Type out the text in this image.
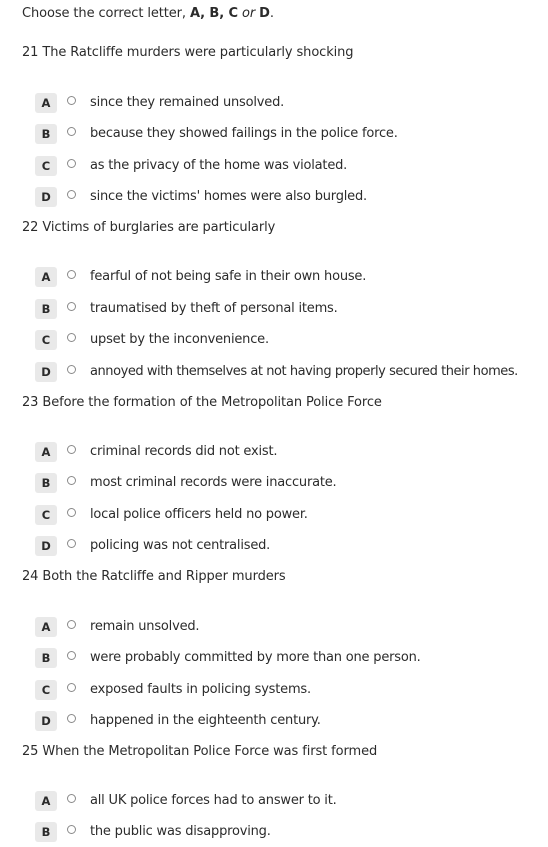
Choose the correct letter, A, B, C or D.
21 The Ratcliffe murders were particularly shocking
A	since they remained unsolved.
B	because they showed failings in the police force.
C	as the privacy of the home was violated.
D	since the victims' homes were also burgled.
22 Victims of burglaries are particularly
A	fearful of not being safe in their own house.
B	traumatised by theft of personal items.
C	upset by the inconvenience.
D	annoyed with themselves at not having properly secured their homes.
23 Before the formation of the Metropolitan Police Force
A	criminal records did not exist.
B	most criminal records were inaccurate.
C	local police officers held no power.
D	policing was not centralised.
24 Both the Ratcliffe and Ripper murders
A	remain unsolved.
B	were probably committed by more than one person.
C	exposed faults in policing systems.
D	happened in the eighteenth century.
25 When the Metropolitan Police Force was first formed
A	all UK police forces had to answer to it.
B	the public was disapproving.
